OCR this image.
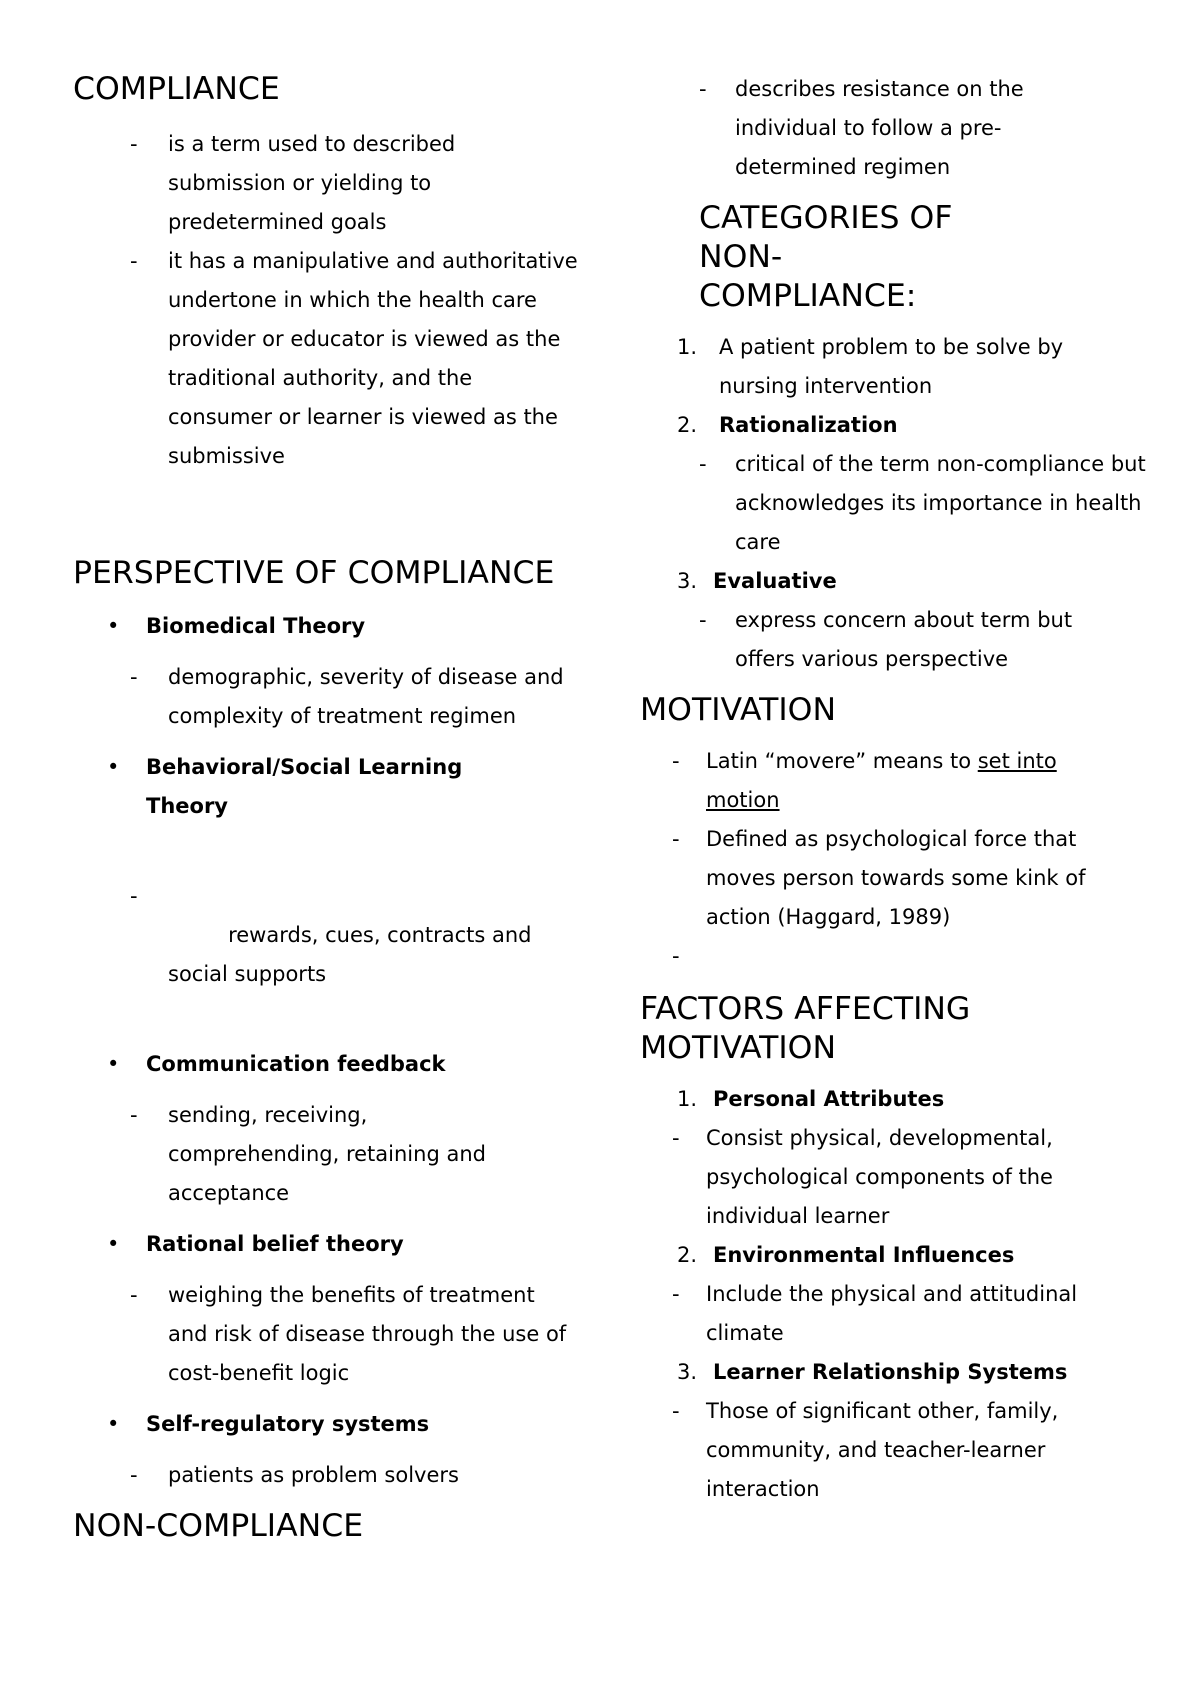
COMPLIANCE
- is a term used to described submission or yielding to predetermined goals
- it has a manipulative and authoritative undertone in which the health care provider or educator is viewed as the traditional authority, and the consumer or learner is viewed as the submissive
PERSPECTIVE OF COMPLIANCE
• Biomedical Theory
- demographic, severity of disease and complexity of treatment regimen
• Behavioral/Social Learning Theory

-

rewards, cues, contracts and social supports

• Communication feedback
- sending, receiving, comprehending, retaining and acceptance
• Rational belief theory
- weighing the benefits of treatment and risk of disease through the use of cost-benefit logic
• Self-regulatory systems
- patients as problem solvers
NON-COMPLIANCE
- describes resistance on the individual to follow a pre-determined regimen
CATEGORIES OF NON-COMPLIANCE:
1. A patient problem to be solve by nursing intervention
2. Rationalization
- critical of the term non-compliance but acknowledges its importance in health care
3. Evaluative
- express concern about term but offers various perspective
MOTIVATION
- Latin “movere” means to set into motion
- Defined as psychological force that moves person towards some kink of action (Haggard, 1989)
-
FACTORS AFFECTING MOTIVATION
1. Personal Attributes
- Consist physical, developmental, psychological components of the individual learner
2. Environmental Influences
- Include the physical and attitudinal climate
3. Learner Relationship Systems
- Those of significant other, family, community, and teacher-learner interaction
